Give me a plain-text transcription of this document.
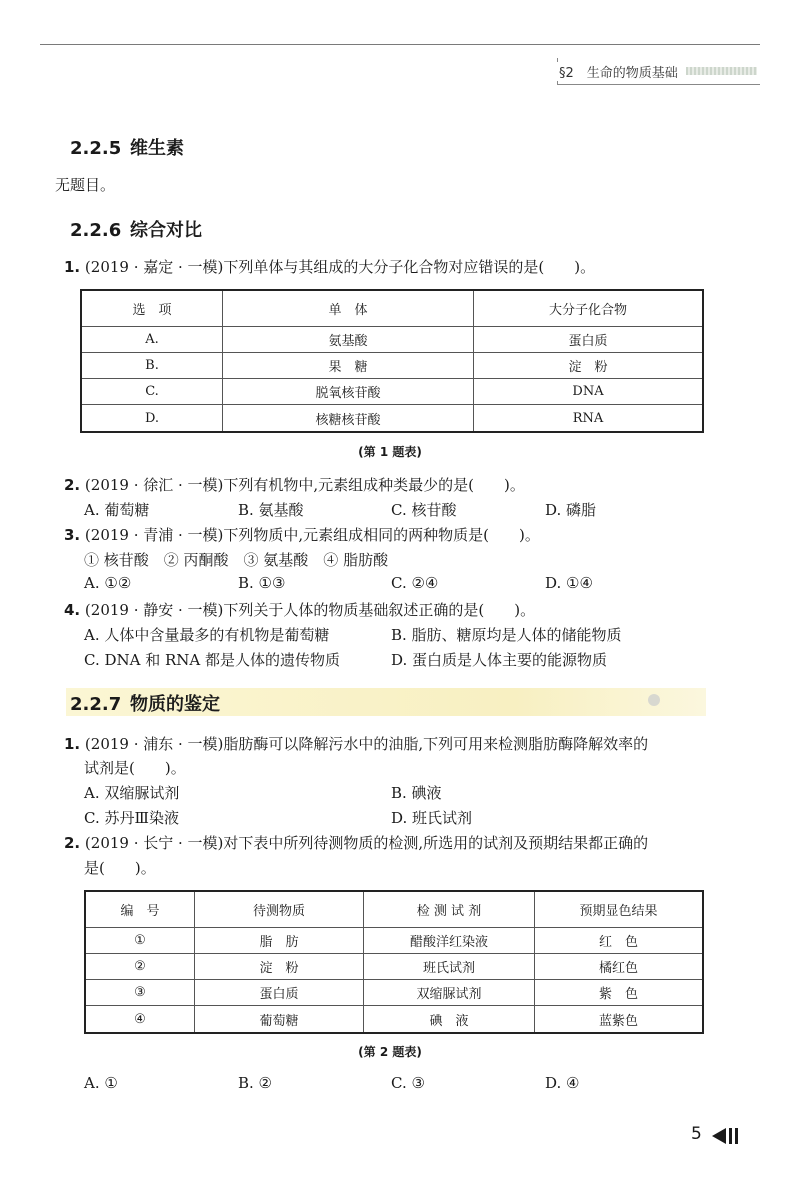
§2　 生命的物质基础
2.2.5 维生素
无题目。
2.2.6 综合对比
1. (2019 · 嘉定 · 一模)下列单体与其组成的大分子化合物对应错误的是(　　)。
选　项	单　体	大分子化合物
A.	氨基酸	蛋白质
B.	果　糖	淀　粉
C.	脱氧核苷酸	DNA
D.	核糖核苷酸	RNA
(第 1 题表)
2. (2019 · 徐汇 · 一模)下列有机物中,元素组成种类最少的是(　　)。
A. 葡萄糖	B. 氨基酸	C. 核苷酸	D. 磷脂
3. (2019 · 青浦 · 一模)下列物质中,元素组成相同的两种物质是(　　)。
① 核苷酸　② 丙酮酸　③ 氨基酸　④ 脂肪酸
A. ①②	B. ①③	C. ②④	D. ①④
4. (2019 · 静安 · 一模)下列关于人体的物质基础叙述正确的是(　　)。
A. 人体中含量最多的有机物是葡萄糖	B. 脂肪、糖原均是人体的储能物质
C. DNA 和 RNA 都是人体的遗传物质	D. 蛋白质是人体主要的能源物质
2.2.7 物质的鉴定
1. (2019 · 浦东 · 一模)脂肪酶可以降解污水中的油脂,下列可用来检测脂肪酶降解效率的
试剂是(　　)。
A. 双缩脲试剂	B. 碘液
C. 苏丹Ⅲ染液	D. 班氏试剂
2. (2019 · 长宁 · 一模)对下表中所列待测物质的检测,所选用的试剂及预期结果都正确的
是(　　)。
编　号	待测物质	检 测 试 剂	预期显色结果
①	脂　肪	醋酸洋红染液	红　色
②	淀　粉	班氏试剂	橘红色
③	蛋白质	双缩脲试剂	紫　色
④	葡萄糖	碘　液	蓝紫色
(第 2 题表)
A. ①	B. ②	C. ③	D. ④
5
